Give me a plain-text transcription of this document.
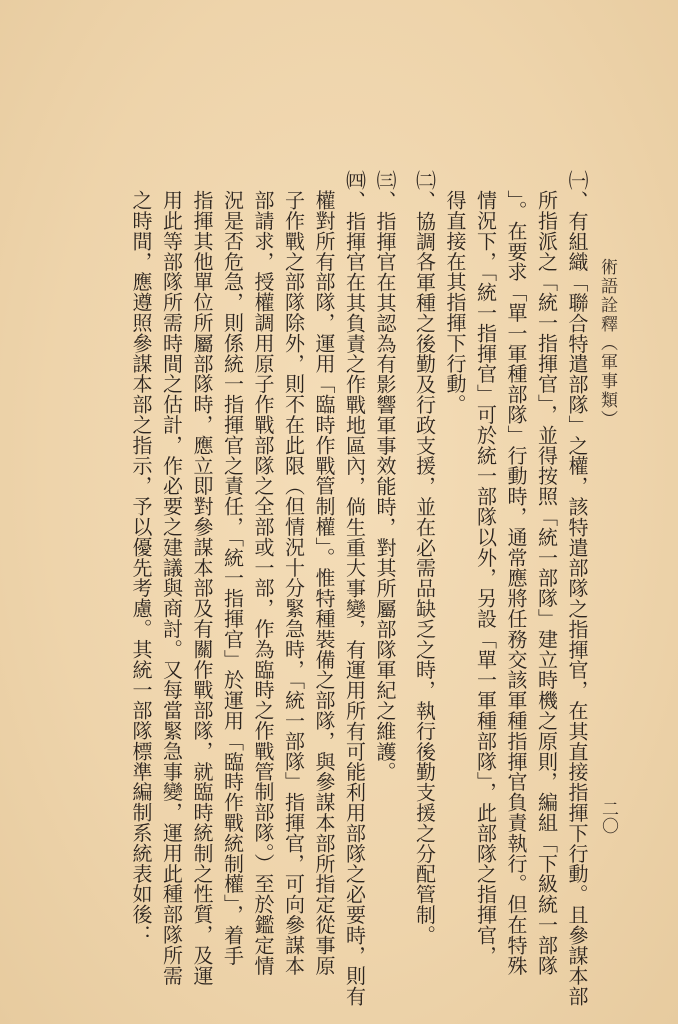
術語詮釋（軍事類）
二〇

㈠、有組織「聯合特遣部隊」之權，該特遣部隊之指揮官，在其直接指揮下行動。且參謀本部

所指派之「統一指揮官」，並得按照「統一部隊」建立時機之原則，編組「下級統一部隊

」。在要求「單一軍種部隊」行動時，通常應將任務交該軍種指揮官負責執行。但在特殊

情況下，「統一指揮官」可於統一部隊以外，另設「單一軍種部隊」，此部隊之指揮官，

得直接在其指揮下行動。

㈡、協調各軍種之後勤及行政支援，並在必需品缺乏之時，執行後勤支援之分配管制。

㈢、指揮官在其認為有影響軍事效能時，對其所屬部隊軍紀之維護。

㈣、指揮官在其負責之作戰地區內，倘生重大事變，有運用所有可能利用部隊之必要時，則有

權對所有部隊，運用「臨時作戰管制權」。惟特種裝備之部隊，與參謀本部所指定從事原

子作戰之部隊除外，則不在此限（但情況十分緊急時，「統一部隊」指揮官，可向參謀本

部請求，授權調用原子作戰部隊之全部或一部，作為臨時之作戰管制部隊。）至於鑑定情

況是否危急，則係統一指揮官之責任，「統一指揮官」於運用「臨時作戰統制權」，着手

指揮其他單位所屬部隊時，應立即對參謀本部及有關作戰部隊，就臨時統制之性質，及運

用此等部隊所需時間之估計，作必要之建議與商討。又每當緊急事變，運用此種部隊所需

之時間，應遵照參謀本部之指示，予以優先考慮。其統一部隊標準編制系統表如後：
